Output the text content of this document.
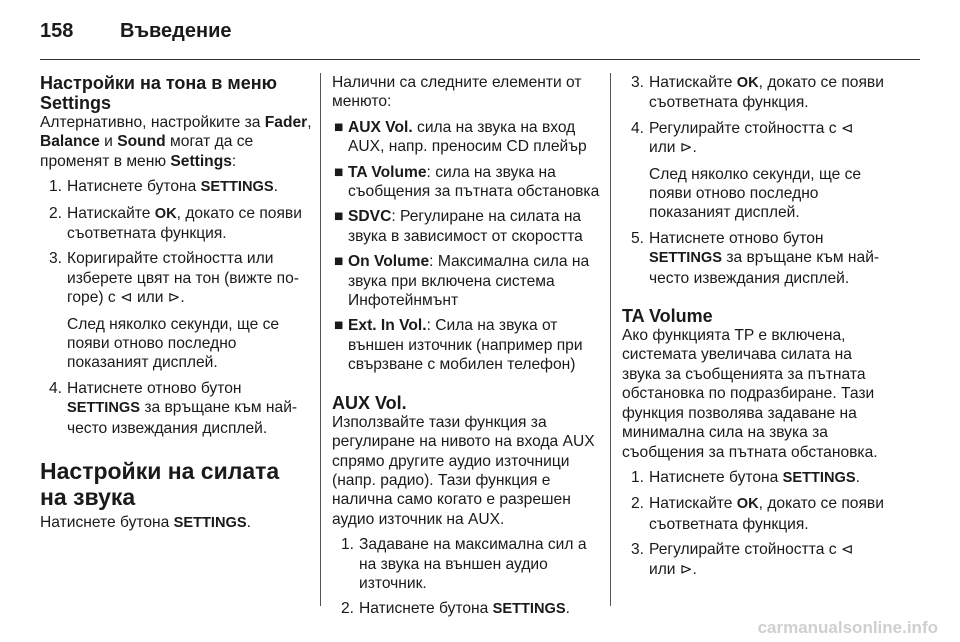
158 Въведение
Настройки на тона в меню Settings

Алтернативно, настройките за Fader, Balance и Sound могат да се променят в меню Settings:

1. Натиснете бутона SETTINGS.

2. Натискайте OK, докато се появи съответната функция.

3. Коригирайте стойността или изберете цвят на тон (вижте по-горе) с ⊲ или ⊳.

След няколко секунди, ще се появи отново последно показаният дисплей.

4. Натиснете отново бутон SETTINGS за връщане към най-често извеждания дисплей.

Настройки на силата на звука

Натиснете бутона SETTINGS.

Налични са следните елементи от менюто:

■ AUX Vol. сила на звука на вход AUX, напр. преносим CD плейър
■ TA Volume: сила на звука на съобщения за пътната обстановка
■ SDVC: Регулиране на силата на звука в зависимост от скоростта
■ On Volume: Максимална сила на звука при включена система Инфотейнмънт
■ Ext. In Vol.: Сила на звука от външен източник (например при свързване с мобилен телефон)
AUX Vol.

Използвайте тази функция за регулиране на нивото на входа AUX спрямо другите аудио източници (напр. радио). Тази функция е налична само когато е разрешен аудио източник на AUX.

1. Задаване на максимална сил а на звука на външен аудио източник.

2. Натиснете бутона SETTINGS.

3. Натискайте OK, докато се появи съответната функция.

4. Регулирайте стойността с ⊲
или ⊳.

След няколко секунди, ще се появи отново последно показаният дисплей.

5. Натиснете отново бутон SETTINGS за връщане към най-често извеждания дисплей.

TA Volume

Ако функцията TP е включена, системата увеличава силата на звука за съобщенията за пътната обстановка по подразбиране. Тази функция позволява задаване на минимална сила на звука за съобщения за пътната обстановка.

1. Натиснете бутона SETTINGS.

2. Натискайте OK, докато се появи съответната функция.

3. Регулирайте стойността с ⊲
или ⊳.

carmanualsonline.info
